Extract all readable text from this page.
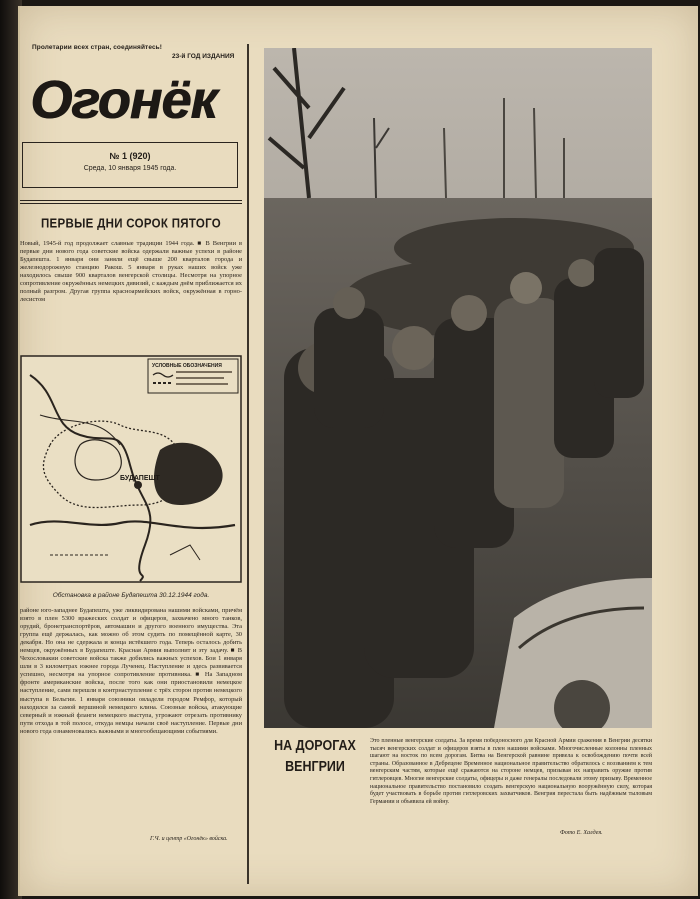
Пролетарии всех стран, соединяйтесь!
23-й ГОД ИЗДАНИЯ
Огонёк
№ 1 (920)
Среда, 10 января 1945 года.
ПЕРВЫЕ ДНИ СОРОК ПЯТОГО
Новый, 1945-й год продолжает славные традиции 1944 года. ■ В Венгрии в первые дни нового года советские войска одержали важные успехи в районе Будапешта. 1 января они заняли ещё свыше 200 кварталов города и железнодорожную станцию Ракош. 5 января в руках наших войск уже находилось свыше 900 кварталов венгерской столицы. Несмотря на упорное сопротивление окружённых немецких дивизий, с каждым днём приближается их полный разгром. Другая группа красноармейских войск, окружённая в горно-лесистом
БУДАПЕШТ
УСЛОВНЫЕ ОБОЗНАЧЕНИЯ
Обстановка в районе Будапешта 30.12.1944 года.
районе юго-западнее Будапешта, уже ликвидирована нашими войсками, причём взято в плен 5300 вражеских солдат и офицеров, захвачено много танков, орудий, бронетранспортёров, автомашин и другого военного имущества. Эта группа ещё держалась, как можно об этом судить по помещённой карте, 30 декабря. Но она не сдержала и конца истёкшего года. Теперь осталось добить немцев, окружённых в Будапеште. Красная Армия выполнит и эту задачу. ■ В Чехословакии советские войска также добились важных успехов. Бои 1 января шли в 3 километрах южнее города Лученец. Наступление и здесь развивается успешно, несмотря на упорное сопротивление противника. ■ На Западном фронте американские войска, после того как они приостановили немецкое наступление, сами перешли в контрнаступление с трёх сторон против немецкого выступа в Бельгии. 1 января союзники овладели городом Ремфор, который находился за самой вершиной немецкого клина. Союзные войска, атакующие северный и южный фланги немецкого выступа, угрожают отрезать противнику пути отхода в той полосе, откуда немцы начали своё наступление. Первые дни нового года ознаменовались важными и многообещающими событиями.
Г.Ч. и центр «Огонёк» войска.
НА ДОРОГАХ ВЕНГРИИ
Это пленные венгерские солдаты. За время победоносного для Красной Армии сражения в Венгрии десятки тысяч венгерских солдат и офицеров взяты в плен нашими войсками. Многочисленные колонны пленных шагают на восток по всем дорогам. Битва на Венгерской равнине привела к освобождению почти всей страны. Образованное в Дебрецене Временное национальное правительство обратилось с воззванием к тем венгерским частям, которые ещё сражаются на стороне немцев, призывая их направить оружие против гитлеровцев. Многие венгерские солдаты, офицеры и даже генералы последовали этому призыву. Временное национальное правительство постановило создать венгерскую национальную вооружённую силу, которая будет участвовать в борьбе против гитлеровских захватчиков. Венгрия перестала быть надёжным тыловым Германии и объявила ей войну.
Фото Е. Халдея.
